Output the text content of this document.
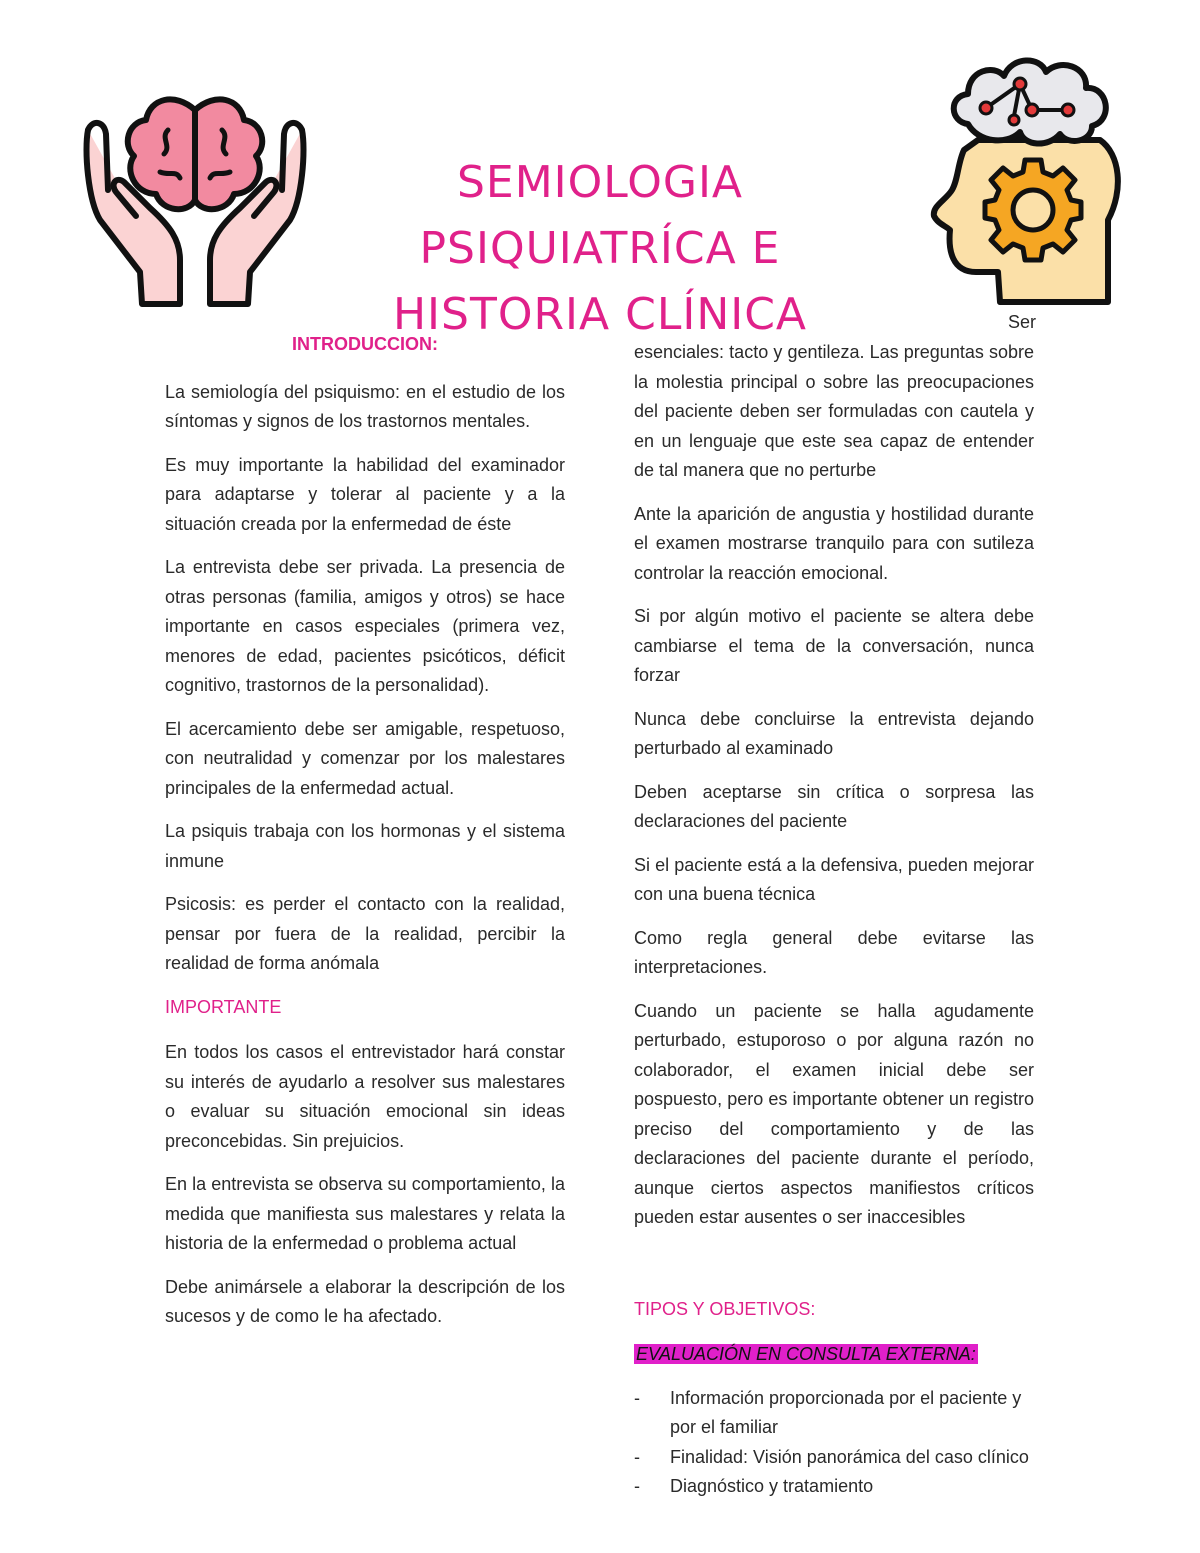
SEMIOLOGIA PSIQUIATRÍCA E
HISTORIA CLÍNICA	Ser
INTRODUCCION:

La semiología del psiquismo: en el estudio de los síntomas y signos de los trastornos mentales.

Es muy importante la habilidad del examinador para adaptarse y tolerar al paciente y a la situación creada por la enfermedad de éste

La entrevista debe ser privada. La presencia de otras personas (familia, amigos y otros) se hace importante en casos especiales (primera vez, menores de edad, pacientes psicóticos, déficit cognitivo, trastornos de la personalidad).

El acercamiento debe ser amigable, respetuoso, con neutralidad y comenzar por los malestares principales de la enfermedad actual.

La psiquis trabaja con los hormonas y el sistema inmune

Psicosis: es perder el contacto con la realidad, pensar por fuera de la realidad, percibir la realidad de forma anómala

IMPORTANTE

En todos los casos el entrevistador hará constar su interés de ayudarlo a resolver sus malestares o evaluar su situación emocional sin ideas preconcebidas. Sin prejuicios.

En la entrevista se observa su comportamiento, la medida que manifiesta sus malestares y relata la historia de la enfermedad o problema actual

Debe animársele a elaborar la descripción de los sucesos y de como le ha afectado.

esenciales: tacto y gentileza. Las preguntas sobre la molestia principal o sobre las preocupaciones del paciente deben ser formuladas con cautela y en un lenguaje que este sea capaz de entender de tal manera que no perturbe

Ante la aparición de angustia y hostilidad durante el examen mostrarse tranquilo para con sutileza controlar la reacción emocional.

Si por algún motivo el paciente se altera debe cambiarse el tema de la conversación, nunca forzar

Nunca debe concluirse la entrevista dejando perturbado al examinado

Deben aceptarse sin crítica o sorpresa las declaraciones del paciente

Si el paciente está a la defensiva, pueden mejorar con una buena técnica

Como regla general debe evitarse las interpretaciones.

Cuando un paciente se halla agudamente perturbado, estuporoso o por alguna razón no colaborador, el examen inicial debe ser pospuesto, pero es importante obtener un registro preciso del comportamiento y de las declaraciones del paciente durante el período, aunque ciertos aspectos manifiestos críticos pueden estar ausentes o ser inaccesibles

TIPOS Y OBJETIVOS:
EVALUACIÓN EN CONSULTA EXTERNA:
- Información proporcionada por el paciente y por el familiar
- Finalidad: Visión panorámica del caso clínico
- Diagnóstico y tratamiento
